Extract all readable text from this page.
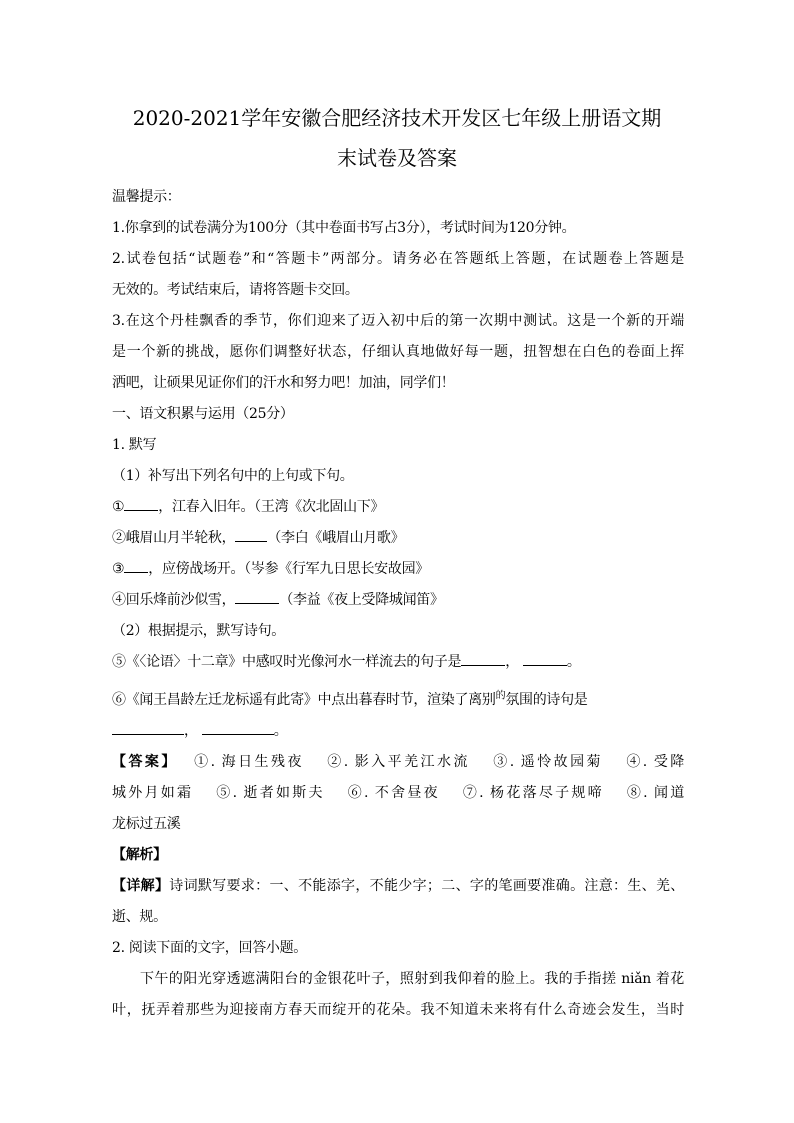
2020-2021学年安徽合肥经济技术开发区七年级上册语文期
末试卷及答案
温馨提示：
1.你拿到的试卷满分为100分（其中卷面书写占3分），考试时间为120分钟。
2.试卷包括“试题卷”和“答题卡”两部分。请务必在答题纸上答题，在试题卷上答题是
无效的。考试结束后，请将答题卡交回。
3.在这个丹桂飘香的季节，你们迎来了迈入初中后的第一次期中测试。这是一个新的开端
是一个新的挑战，愿你们调整好状态，仔细认真地做好每一题，扭智想在白色的卷面上挥
洒吧，让硕果见证你们的汗水和努力吧！加油，同学们！
一、语文积累与运用（25分）
1. 默写
（1）补写出下列名句中的上句或下句。
① ，江春入旧年。（王湾《次北固山下》
②峨眉山月半轮秋， （李白《峨眉山月歌》
③ ，应傍战场开。（岑参《行军九日思长安故园》
④回乐烽前沙似雪，	（李益《夜上受降城闻笛》
（2）根据提示，默写诗句。
⑤《〈论语〉十二章》中感叹时光像河水一样流去的句子是	，	。
⑥《闻王昌龄左迁龙标遥有此寄》中点出暮春时节，渲染了离别$^的$氛围的诗句是
，	。
【答案】　 ①. 海日生残夜　 ②. 影入平羌江水流　 ③. 遥怜故园菊　 ④. 受降
城外月如霜　 ⑤. 逝者如斯夫　 ⑥. 不舍昼夜　 ⑦. 杨花落尽子规啼　 ⑧. 闻道
龙标过五溪
【解析】
【详解】诗词默写要求：一、不能添字，不能少字；二、字的笔画要准确。注意：生、羌、
逝、规。
2. 阅读下面的文字，回答小题。
下午的阳光穿透遮满阳台的金银花叶子，照射到我仰着的脸上。我的手指搓 niǎn 着花
叶，抚弄着那些为迎接南方春天而绽开的花朵。我不知道未来将有什么奇迹会发生，当时
